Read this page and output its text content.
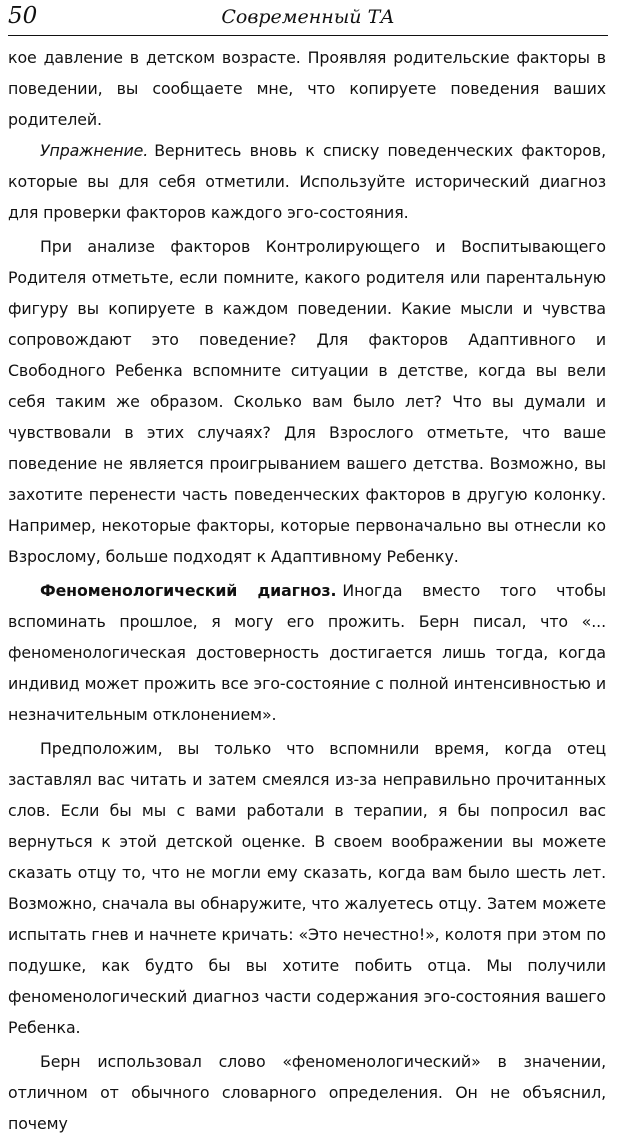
50	Современный ТА

кое давление в детском возрасте. Проявляя родительские факторы в поведении, вы сообщаете мне, что копируете поведения ваших родителей.

Упражнение. Вернитесь вновь к списку поведенческих факторов, которые вы для себя отметили. Используйте исторический диагноз для проверки факторов каждого эго-состояния.

При анализе факторов Контролирующего и Воспитывающего Родителя отметьте, если помните, какого родителя или парентальную фигуру вы копируете в каждом поведении. Какие мысли и чувства сопровождают это поведение? Для факторов Адаптивного и Свободного Ребенка вспомните ситуации в детстве, когда вы вели себя таким же образом. Сколько вам было лет? Что вы думали и чувствовали в этих случаях? Для Взрослого отметьте, что ваше поведение не является проигрыванием вашего детства. Возможно, вы захотите перенести часть поведенческих факторов в другую колонку. Например, некоторые факторы, которые первоначально вы отнесли ко Взрослому, больше подходят к Адаптивному Ребенку.

Феноменологический диагноз. Иногда вместо того чтобы вспоминать прошлое, я могу его прожить. Берн писал, что «... феноменологическая достоверность достигается лишь тогда, когда индивид может прожить все эго-состояние с полной интенсивностью и незначительным отклонением».

Предположим, вы только что вспомнили время, когда отец заставлял вас читать и затем смеялся из-за неправильно прочитанных слов. Если бы мы с вами работали в терапии, я бы попросил вас вернуться к этой детской оценке. В своем воображении вы можете сказать отцу то, что не могли ему сказать, когда вам было шесть лет. Возможно, сначала вы обнаружите, что жалуетесь отцу. Затем можете испытать гнев и начнете кричать: «Это нечестно!», колотя при этом по подушке, как будто бы вы хотите побить отца. Мы получили феноменологический диагноз части содержания эго-состояния вашего Ребенка.

Берн использовал слово «феноменологический» в значении, отличном от обычного словарного определения. Он не объяснил, почему
